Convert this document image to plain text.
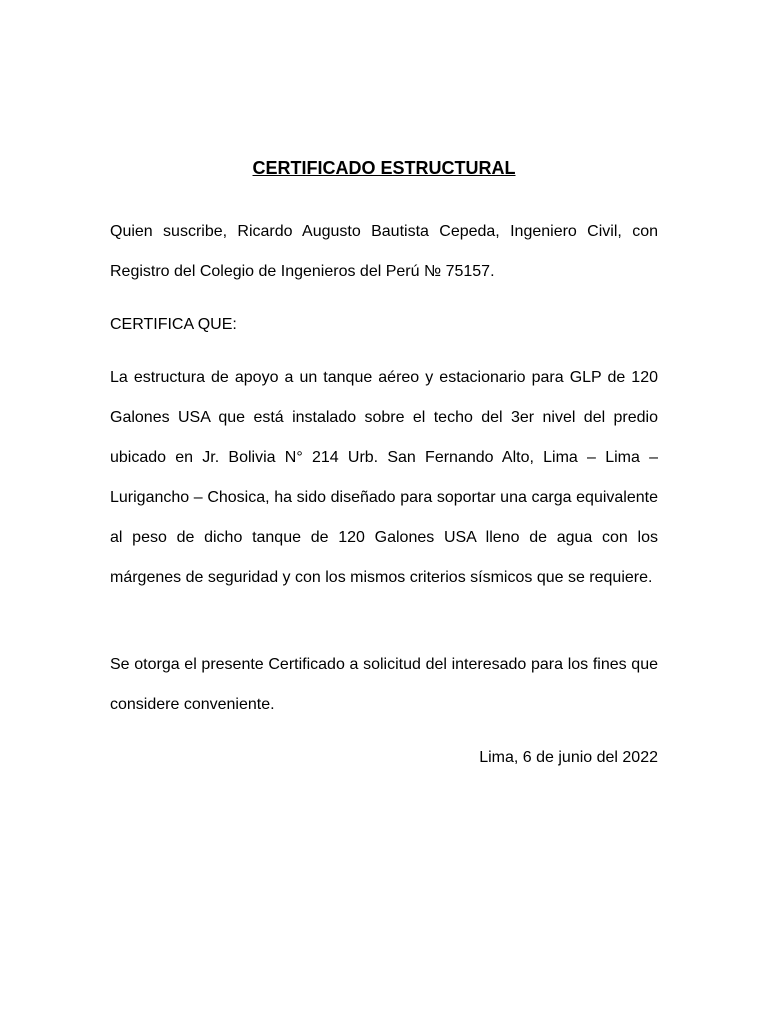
CERTIFICADO ESTRUCTURAL

Quien suscribe, Ricardo Augusto Bautista Cepeda, Ingeniero Civil, con Registro del Colegio de Ingenieros del Perú № 75157.

CERTIFICA QUE:

La estructura de apoyo a un tanque aéreo y estacionario para GLP de 120 Galones USA que está instalado sobre el techo del 3er nivel del predio ubicado en Jr. Bolivia N° 214 Urb. San Fernando Alto, Lima – Lima – Lurigancho – Chosica, ha sido diseñado para soportar una carga equivalente al peso de dicho tanque de 120 Galones USA lleno de agua con los márgenes de seguridad y con los mismos criterios sísmicos que se requiere.

Se otorga el presente Certificado a solicitud del interesado para los fines que considere conveniente.

Lima, 6 de junio del 2022
